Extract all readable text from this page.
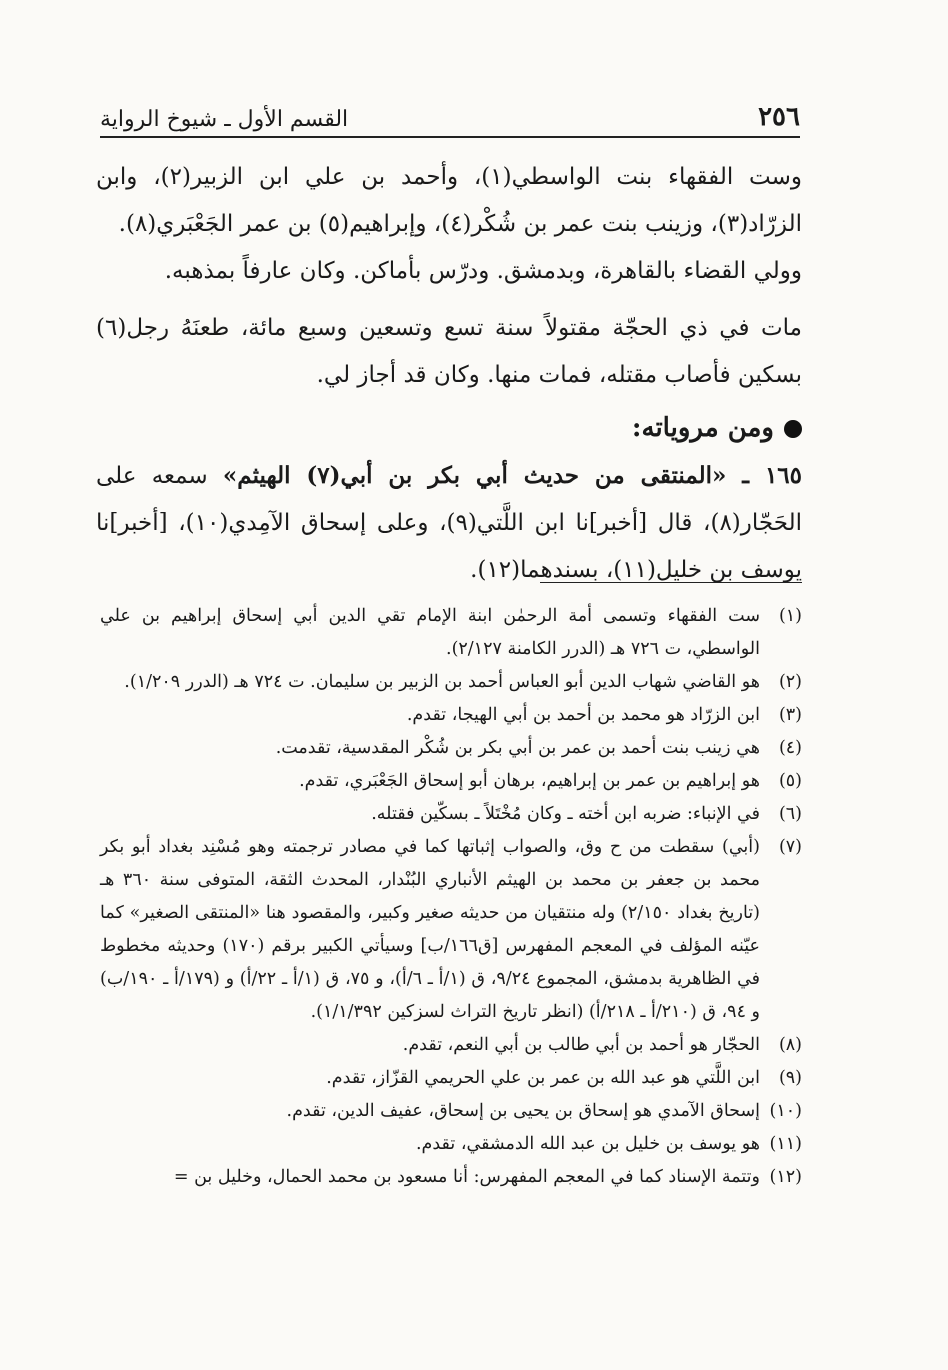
٢٥٦
القسم الأول ـ شيوخ الرواية

وست الفقهاء بنت الواسطي(١)، وأحمد بن علي ابن الزبير(٢)، وابن الزرّاد(٣)، وزينب بنت عمر بن شُكْر(٤)، وإبراهيم(٥) بن عمر الجَعْبَري(٨).

وولي القضاء بالقاهرة، وبدمشق. ودرّس بأماكن. وكان عارفاً بمذهبه.

مات في ذي الحجّة مقتولاً سنة تسع وتسعين وسبع مائة، طعنَهُ رجل(٦) بسكين فأصاب مقتله، فمات منها. وكان قد أجاز لي.

ومن مروياته:

١٦٥ ـ «المنتقى من حديث أبي بكر بن أبي(٧) الهيثم» سمعه على الحَجّار(٨)، قال [أخبر]نا ابن اللَّتي(٩)، وعلى إسحاق الآمِدي(١٠)، [أخبر]نا يوسف بن خليل(١١)، بسندهما(١٢).

(١)
ست الفقهاء وتسمى أمة الرحمٰن ابنة الإمام تقي الدين أبي إسحاق إبراهيم بن علي الواسطي، ت ٧٢٦ هـ (الدرر الكامنة ٢/١٢٧).
(٢)
هو القاضي شهاب الدين أبو العباس أحمد بن الزبير بن سليمان. ت ٧٢٤ هـ (الدرر ١/٢٠٩).
(٣)
ابن الزرّاد هو محمد بن أحمد بن أبي الهيجا، تقدم.
(٤)
هي زينب بنت أحمد بن عمر بن أبي بكر بن شُكْر المقدسية، تقدمت.
(٥)
هو إبراهيم بن عمر بن إبراهيم، برهان أبو إسحاق الجَعْبَري، تقدم.
(٦)
في الإنباء: ضربه ابن أخته ـ وكان مُخْتَلاً ـ بسكّين فقتله.
(٧)
(أبي) سقطت من ح وق، والصواب إثباتها كما في مصادر ترجمته وهو مُسْنِد بغداد أبو بكر محمد بن جعفر بن محمد بن الهيثم الأنباري البُنْدار، المحدث الثقة، المتوفى سنة ٣٦٠ هـ (تاريخ بغداد ٢/١٥٠) وله منتقيان من حديثه صغير وكبير، والمقصود هنا «المنتقى الصغير» كما عيّنه المؤلف في المعجم المفهرس [ق١٦٦/ب] وسيأتي الكبير برقم (١٧٠) وحديثه مخطوط في الظاهرية بدمشق، المجموع ٩/٢٤، ق (١/أ ـ ٦/أ)، و ٧٥، ق (١/أ ـ ٢٢/أ) و (١٧٩/أ ـ ١٩٠/ب) و ٩٤، ق (٢١٠/أ ـ ٢١٨/أ) (انظر تاريخ التراث لسزكين ١/١/٣٩٢).
(٨)
الحجّار هو أحمد بن أبي طالب بن أبي النعم، تقدم.
(٩)
ابن اللَّتي هو عبد الله بن عمر بن علي الحريمي القزّاز، تقدم.
(١٠)
إسحاق الآمدي هو إسحاق بن يحيى بن إسحاق، عفيف الدين، تقدم.
(١١)
هو يوسف بن خليل بن عبد الله الدمشقي، تقدم.
(١٢)
وتتمة الإسناد كما في المعجم المفهرس: أنا مسعود بن محمد الحمال، وخليل بن =
